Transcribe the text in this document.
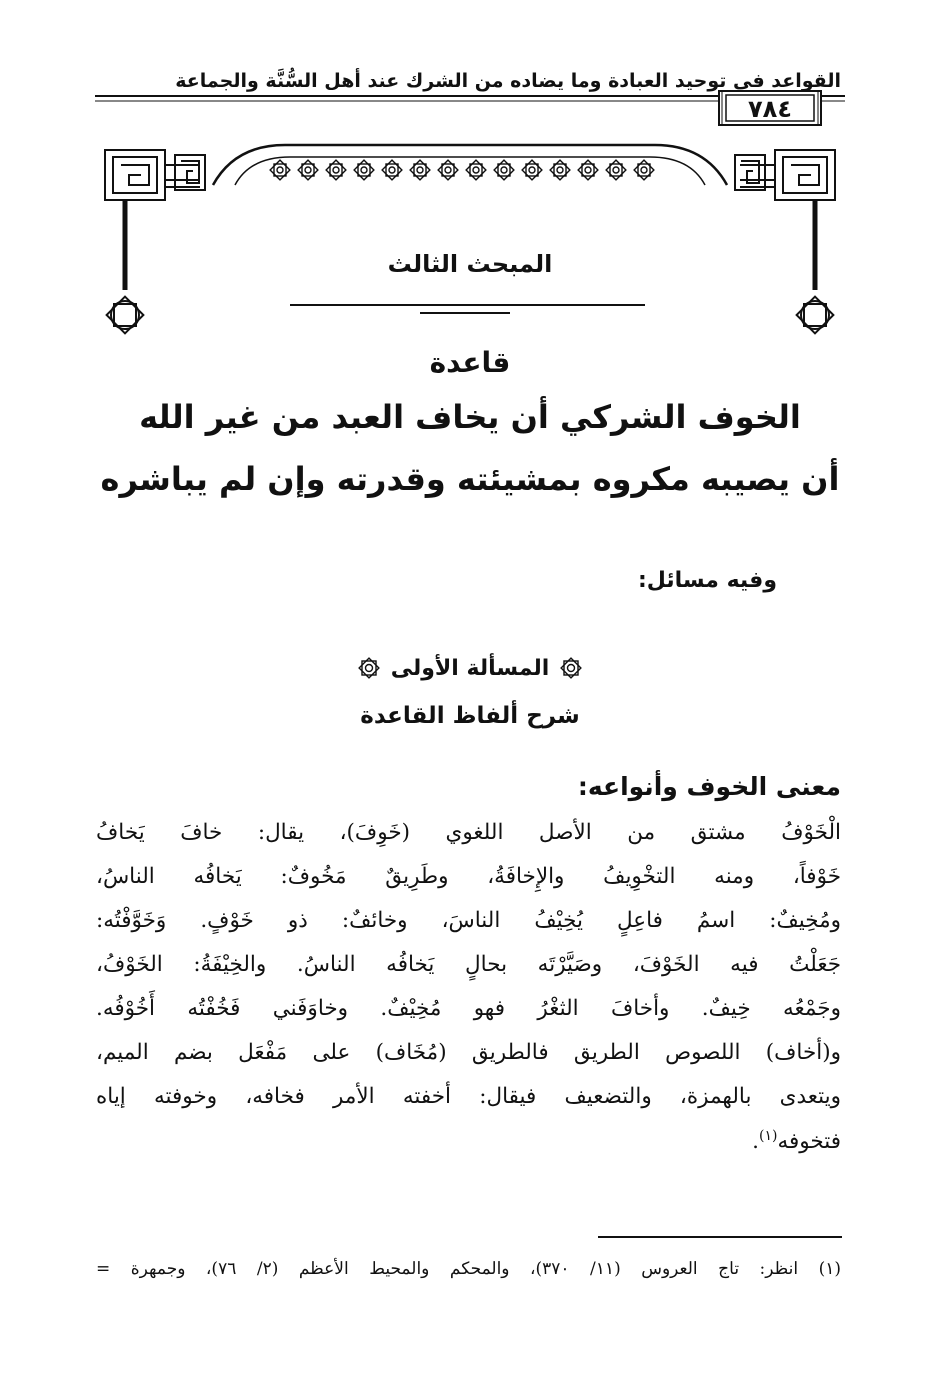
القواعد في توحيد العبادة وما يضاده من الشرك عند أهل السُّنَّة والجماعة
٧٨٤
المبحث الثالث
قاعدة
الخوف الشركي أن يخاف العبد من غير الله
أن يصيبه مكروه بمشيئته وقدرته وإن لم يباشره
وفيه مسائل:
المسألة الأولى
شرح ألفاظ القاعدة
معنى الخوف وأنواعه:
الْخَوْفُ مشتق من الأصل اللغوي (خَوِفَ)، يقال: خافَ يَخافُ
خَوْفاً، ومنه التخْوِيفُ والإِخافَةُ، وطَرِيقٌ مَخُوفٌ: يَخافُه الناسُ،
ومُخِيفٌ: اسمُ فاعِلٍ يُخِيْفُ الناسَ، وخائفٌ: ذو خَوْفٍ. وَخَوَّفْتُه:
جَعَلْتُ فيه الخَوْفَ، وصَيَّرْتَه بحالٍ يَخافُه الناسُ. والخِيْفَةُ: الخَوْفُ،
وجَمْعُه خِيفٌ. وأخافَ الثغْرُ فهو مُخِيْفٌ. وخاوَفَني فَخُفْتُه أَخُوْفُه.
و(أخاف) اللصوص الطريق فالطريق (مُخَاف) على مَفْعَل بضم الميم،
ويتعدى بالهمزة، والتضعيف فيقال: أخفته الأمر فخافه، وخوفته إياه
فتخوفه$^{(١)}$.
(١) انظر: تاج العروس (١١/ ٣٧٠)، والمحكم والمحيط الأعظم (٢/ ٧٦)، وجمهرة =
